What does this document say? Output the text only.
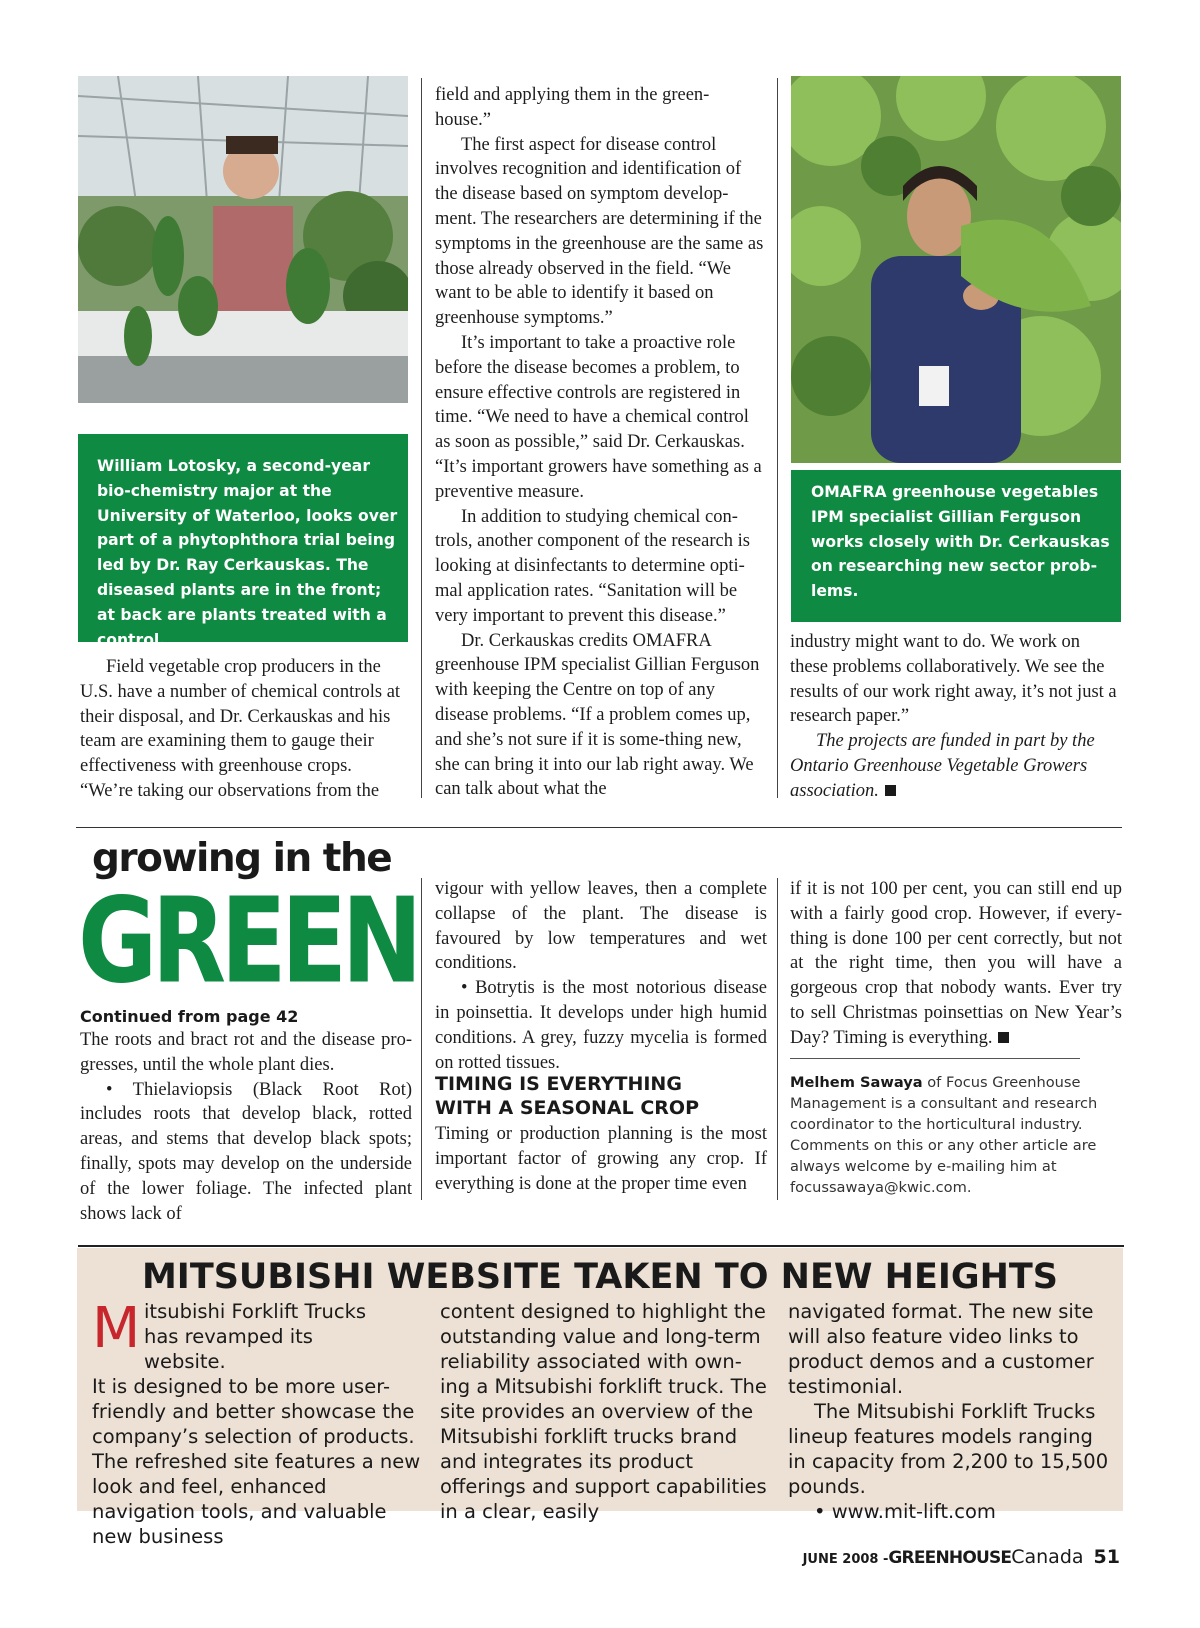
William Lotosky, a second-year bio-chemistry major at the University of Waterloo, looks over part of a phytophthora trial being led by Dr. Ray Cerkauskas. The diseased plants are in the front; at back are plants treated with a control.

Field vegetable crop producers in the U.S. have a number of chemical controls at their disposal, and Dr. Cerkauskas and his team are examining them to gauge their effectiveness with greenhouse crops. “We’re taking our observations from the

field and applying them in the green-house.”

The first aspect for disease control involves recognition and identification of the disease based on symptom develop-ment. The researchers are determining if the symptoms in the greenhouse are the same as those already observed in the field. “We want to be able to identify it based on greenhouse symptoms.”

It’s important to take a proactive role before the disease becomes a problem, to ensure effective controls are registered in time. “We need to have a chemical control as soon as possible,” said Dr. Cerkauskas. “It’s important growers have something as a preventive measure.

In addition to studying chemical con-trols, another component of the research is looking at disinfectants to determine opti-mal application rates. “Sanitation will be very important to prevent this disease.”

Dr. Cerkauskas credits OMAFRA greenhouse IPM specialist Gillian Ferguson with keeping the Centre on top of any disease problems. “If a problem comes up, and she’s not sure if it is some-thing new, she can bring it into our lab right away. We can talk about what the

OMAFRA greenhouse vegetables IPM specialist Gillian Ferguson works closely with Dr. Cerkauskas on researching new sector prob-lems.

industry might want to do. We work on these problems collaboratively. We see the results of our work right away, it’s not just a research paper.”

The projects are funded in part by the Ontario Greenhouse Vegetable Growers association.

growing in the
GREEN
Continued from page 42

The roots and bract rot and the disease pro-gresses, until the whole plant dies.

• Thielaviopsis (Black Root Rot) includes roots that develop black, rotted areas, and stems that develop black spots; finally, spots may develop on the underside of the lower foliage. The infected plant shows lack of

vigour with yellow leaves, then a complete collapse of the plant. The disease is favoured by low temperatures and wet conditions.

• Botrytis is the most notorious disease in poinsettia. It develops under high humid conditions. A grey, fuzzy mycelia is formed on rotted tissues.

TIMING IS EVERYTHING
WITH A SEASONAL CROP

Timing or production planning is the most important factor of growing any crop. If everything is done at the proper time even

if it is not 100 per cent, you can still end up with a fairly good crop. However, if every-thing is done 100 per cent correctly, but not at the right time, then you will have a gorgeous crop that nobody wants. Ever try to sell Christmas poinsettias on New Year’s Day? Timing is everything.

Melhem Sawaya of Focus Greenhouse Management is a consultant and research coordinator to the horticultural industry. Comments on this or any other article are always welcome by e-mailing him at focussawaya@kwic.com.
MITSUBISHI WEBSITE TAKEN TO NEW HEIGHTS
M itsubishi Forklift Trucks has revamped its website.

It is designed to be more user-friendly and better showcase the company’s selection of products. The refreshed site features a new look and feel, enhanced navigation tools, and valuable new business

content designed to highlight the outstanding value and long-term reliability associated with own-ing a Mitsubishi forklift truck. The site provides an overview of the Mitsubishi forklift trucks brand and integrates its product offerings and support capabilities in a clear, easily

navigated format. The new site will also feature video links to product demos and a customer testimonial.

The Mitsubishi Forklift Trucks lineup features models ranging in capacity from 2,200 to 15,500 pounds.

• www.mit-lift.com

JUNE 2008 -GREENHOUSECanada 51
